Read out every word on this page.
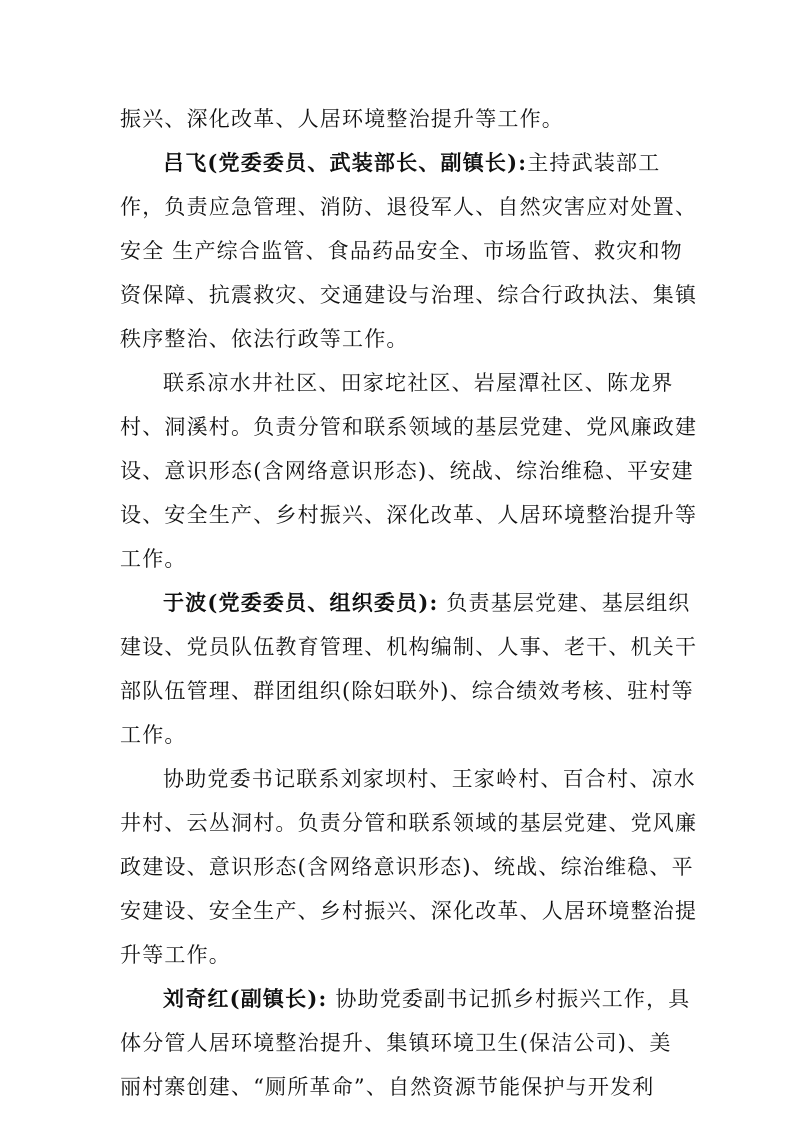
振兴、深化改革、人居环境整治提升等工作。
吕飞(党委委员、武装部长、副镇长):主持武装部工
作，负责应急管理、消防、退役军人、自然灾害应对处置、
安全 生产综合监管、食品药品安全、市场监管、救灾和物
资保障、抗震救灾、交通建设与治理、综合行政执法、集镇
秩序整治、依法行政等工作。
联系凉水井社区、田家坨社区、岩屋潭社区、陈龙界
村、洞溪村。负责分管和联系领域的基层党建、党风廉政建
设、意识形态(含网络意识形态)、统战、综治维稳、平安建
设、安全生产、乡村振兴、深化改革、人居环境整治提升等
工作。
于波(党委委员、组织委员): 负责基层党建、基层组织
建设、党员队伍教育管理、机构编制、人事、老干、机关干
部队伍管理、群团组织(除妇联外)、综合绩效考核、驻村等
工作。
协助党委书记联系刘家坝村、王家岭村、百合村、凉水
井村、云丛洞村。负责分管和联系领域的基层党建、党风廉
政建设、意识形态(含网络意识形态)、统战、综治维稳、平
安建设、安全生产、乡村振兴、深化改革、人居环境整治提
升等工作。
刘奇红(副镇长): 协助党委副书记抓乡村振兴工作，具
体分管人居环境整治提升、集镇环境卫生(保洁公司)、美
丽村寨创建、“厕所革命”、自然资源节能保护与开发利
